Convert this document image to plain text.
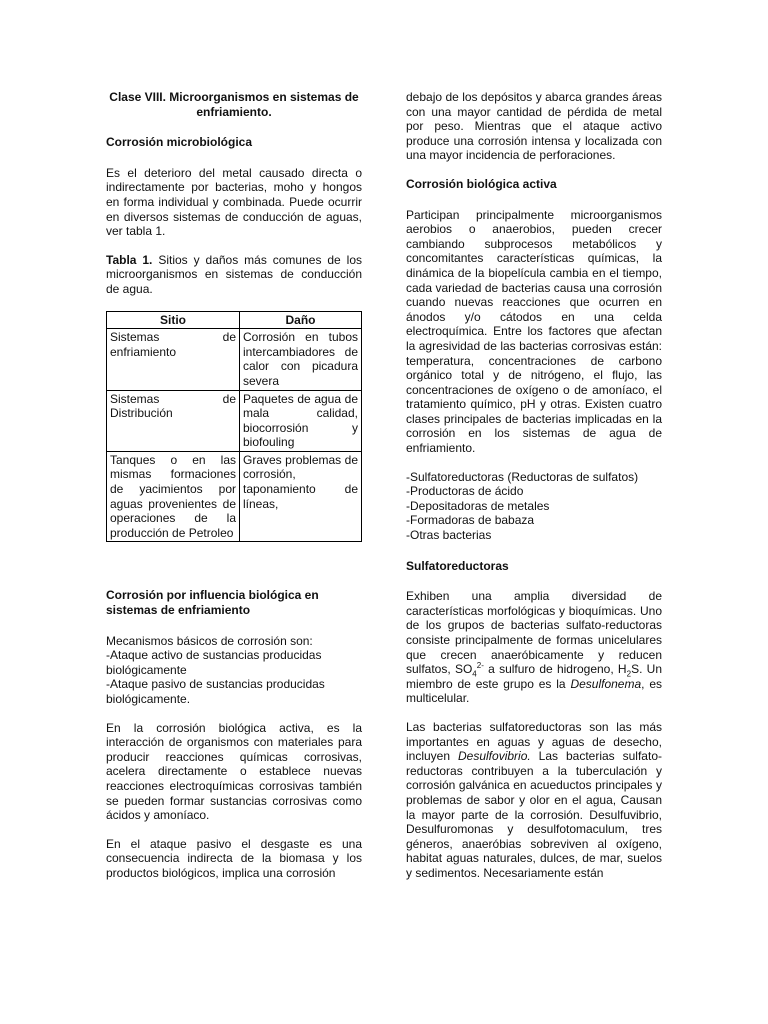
Clase VIII. Microorganismos en sistemas de enfriamiento.
Corrosión microbiológica

Es el deterioro del metal causado directa o indirectamente por bacterias, moho y hongos en forma individual y combinada. Puede ocurrir en diversos sistemas de conducción de aguas, ver tabla 1.

Tabla 1. Sitios y daños más comunes de los microorganismos en sistemas de conducción de agua.

Sitio	Daño
Sistemas de enfriamiento	Corrosión en tubos intercambiadores de calor con picadura severa
Sistemas de Distribución	Paquetes de agua de mala calidad, biocorrosión y biofouling
Tanques o en las mismas formaciones de yacimientos por aguas provenientes de operaciones de la producción de Petroleo	Graves problemas de corrosión, taponamiento de líneas,
Corrosión por influencia biológica en sistemas de enfriamiento
Mecanismos básicos de corrosión son:
-Ataque activo de sustancias producidas biológicamente
-Ataque pasivo de sustancias producidas biológicamente.

En la corrosión biológica activa, es la interacción de organismos con materiales para producir reacciones químicas corrosivas, acelera directamente o establece nuevas reacciones electroquímicas corrosivas también se pueden formar sustancias corrosivas como ácidos y amoníaco.

En el ataque pasivo el desgaste es una consecuencia indirecta de la biomasa y los productos biológicos, implica una corrosión

debajo de los depósitos y abarca grandes áreas con una mayor cantidad de pérdida de metal por peso. Mientras que el ataque activo produce una corrosión intensa y localizada con una mayor incidencia de perforaciones.

Corrosión biológica activa

Participan principalmente microorganismos aerobios o anaerobios, pueden crecer cambiando subprocesos metabólicos y concomitantes características químicas, la dinámica de la biopelícula cambia en el tiempo, cada variedad de bacterias causa una corrosión cuando nuevas reacciones que ocurren en ánodos y/o cátodos en una celda electroquímica. Entre los factores que afectan la agresividad de las bacterias corrosivas están: temperatura, concentraciones de carbono orgánico total y de nitrógeno, el flujo, las concentraciones de oxígeno o de amoníaco, el tratamiento químico, pH y otras. Existen cuatro clases principales de bacterias implicadas en la corrosión en los sistemas de agua de enfriamiento.

-Sulfatoreductoras (Reductoras de sulfatos)
-Productoras de ácido
-Depositadoras de metales
-Formadoras de babaza
-Otras bacterias
Sulfatoreductoras

Exhiben una amplia diversidad de características morfológicas y bioquímicas. Uno de los grupos de bacterias sulfato-reductoras consiste principalmente de formas unicelulares que crecen anaeróbicamente y reducen sulfatos, $SO_4^{2-}$ a sulfuro de hidrogeno, $H_2S$. Un miembro de este grupo es la Desulfonema, es multicelular.

Las bacterias sulfatoreductoras son las más importantes en aguas y aguas de desecho, incluyen Desulfovibrio. Las bacterias sulfato-reductoras contribuyen a la tuberculación y corrosión galvánica en acueductos principales y problemas de sabor y olor en el agua, Causan la mayor parte de la corrosión. Desulfuvibrio, Desulfuromonas y desulfotomaculum, tres géneros, anaeróbias sobreviven al oxígeno, habitat aguas naturales, dulces, de mar, suelos y sedimentos. Necesariamente están
